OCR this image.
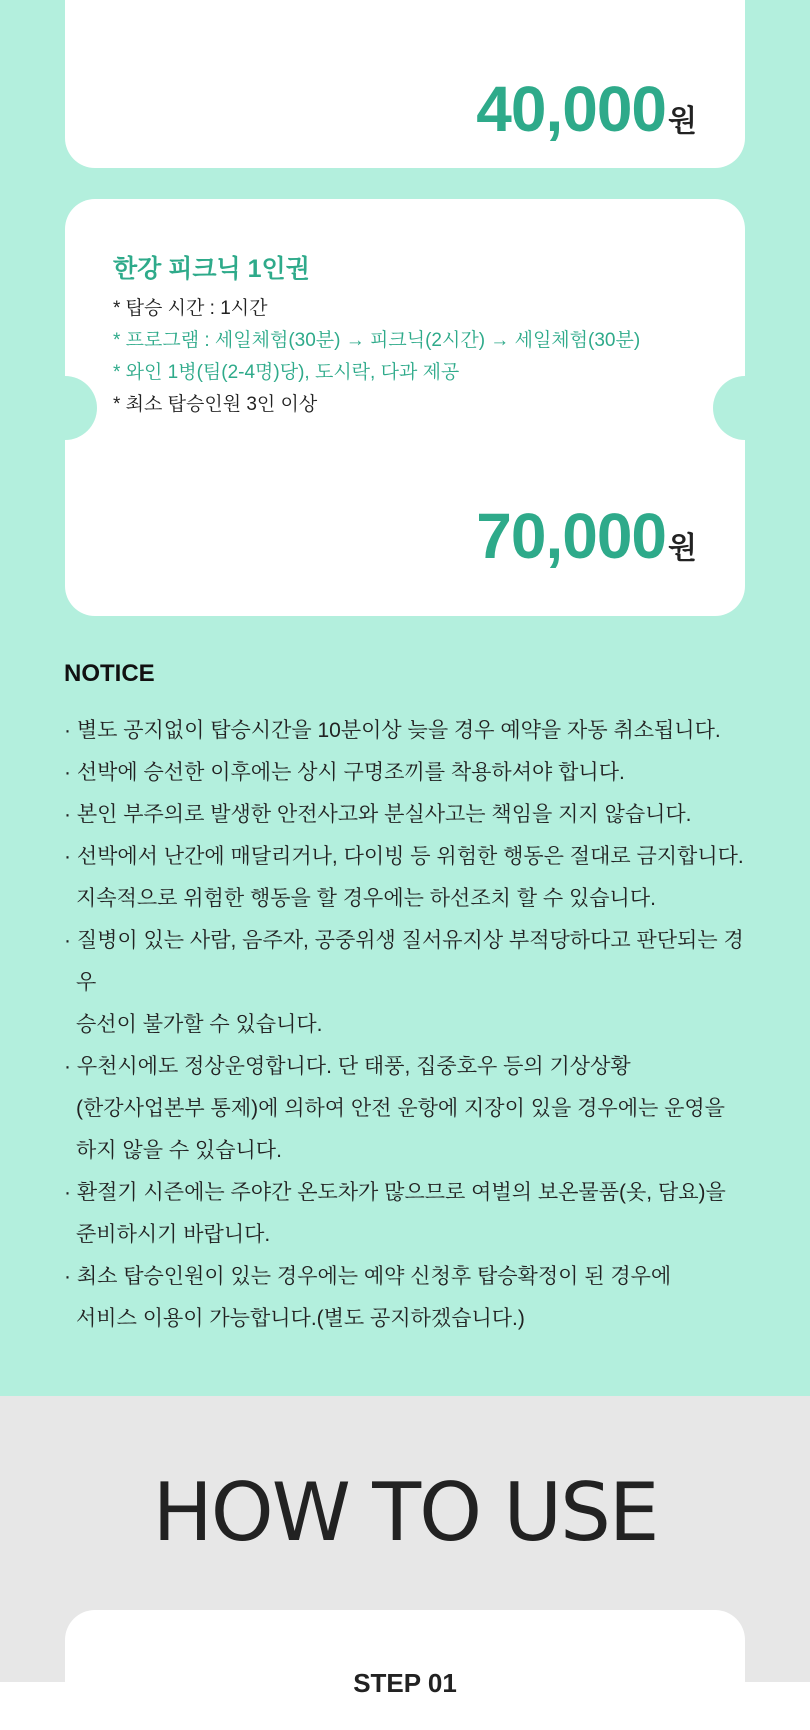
40,000 원
한강 피크닉 1인권
* 탑승 시간 : 1시간
* 프로그램 : 세일체험(30분) → 피크닉(2시간) → 세일체험(30분)
* 와인 1병(팀(2-4명)당), 도시락, 다과 제공
* 최소 탑승인원 3인 이상
70,000 원
NOTICE
· 별도 공지없이 탑승시간을 10분이상 늦을 경우 예약을 자동 취소됩니다.
· 선박에 승선한 이후에는 상시 구명조끼를 착용하셔야 합니다.
· 본인 부주의로 발생한 안전사고와 분실사고는 책임을 지지 않습니다.
· 선박에서 난간에 매달리거나, 다이빙 등 위험한 행동은 절대로 금지합니다.
지속적으로 위험한 행동을 할 경우에는 하선조치 할 수 있습니다.
· 질병이 있는 사람, 음주자, 공중위생 질서유지상 부적당하다고 판단되는 경우
승선이 불가할 수 있습니다.
· 우천시에도 정상운영합니다. 단 태풍, 집중호우 등의 기상상황
(한강사업본부 통제)에 의하여 안전 운항에 지장이 있을 경우에는 운영을
하지 않을 수 있습니다.
· 환절기 시즌에는 주야간 온도차가 많으므로 여벌의 보온물품(옷, 담요)을
준비하시기 바랍니다.
· 최소 탑승인원이 있는 경우에는 예약 신청후 탑승확정이 된 경우에
서비스 이용이 가능합니다.(별도 공지하겠습니다.)
HOW TO USE
STEP 01
